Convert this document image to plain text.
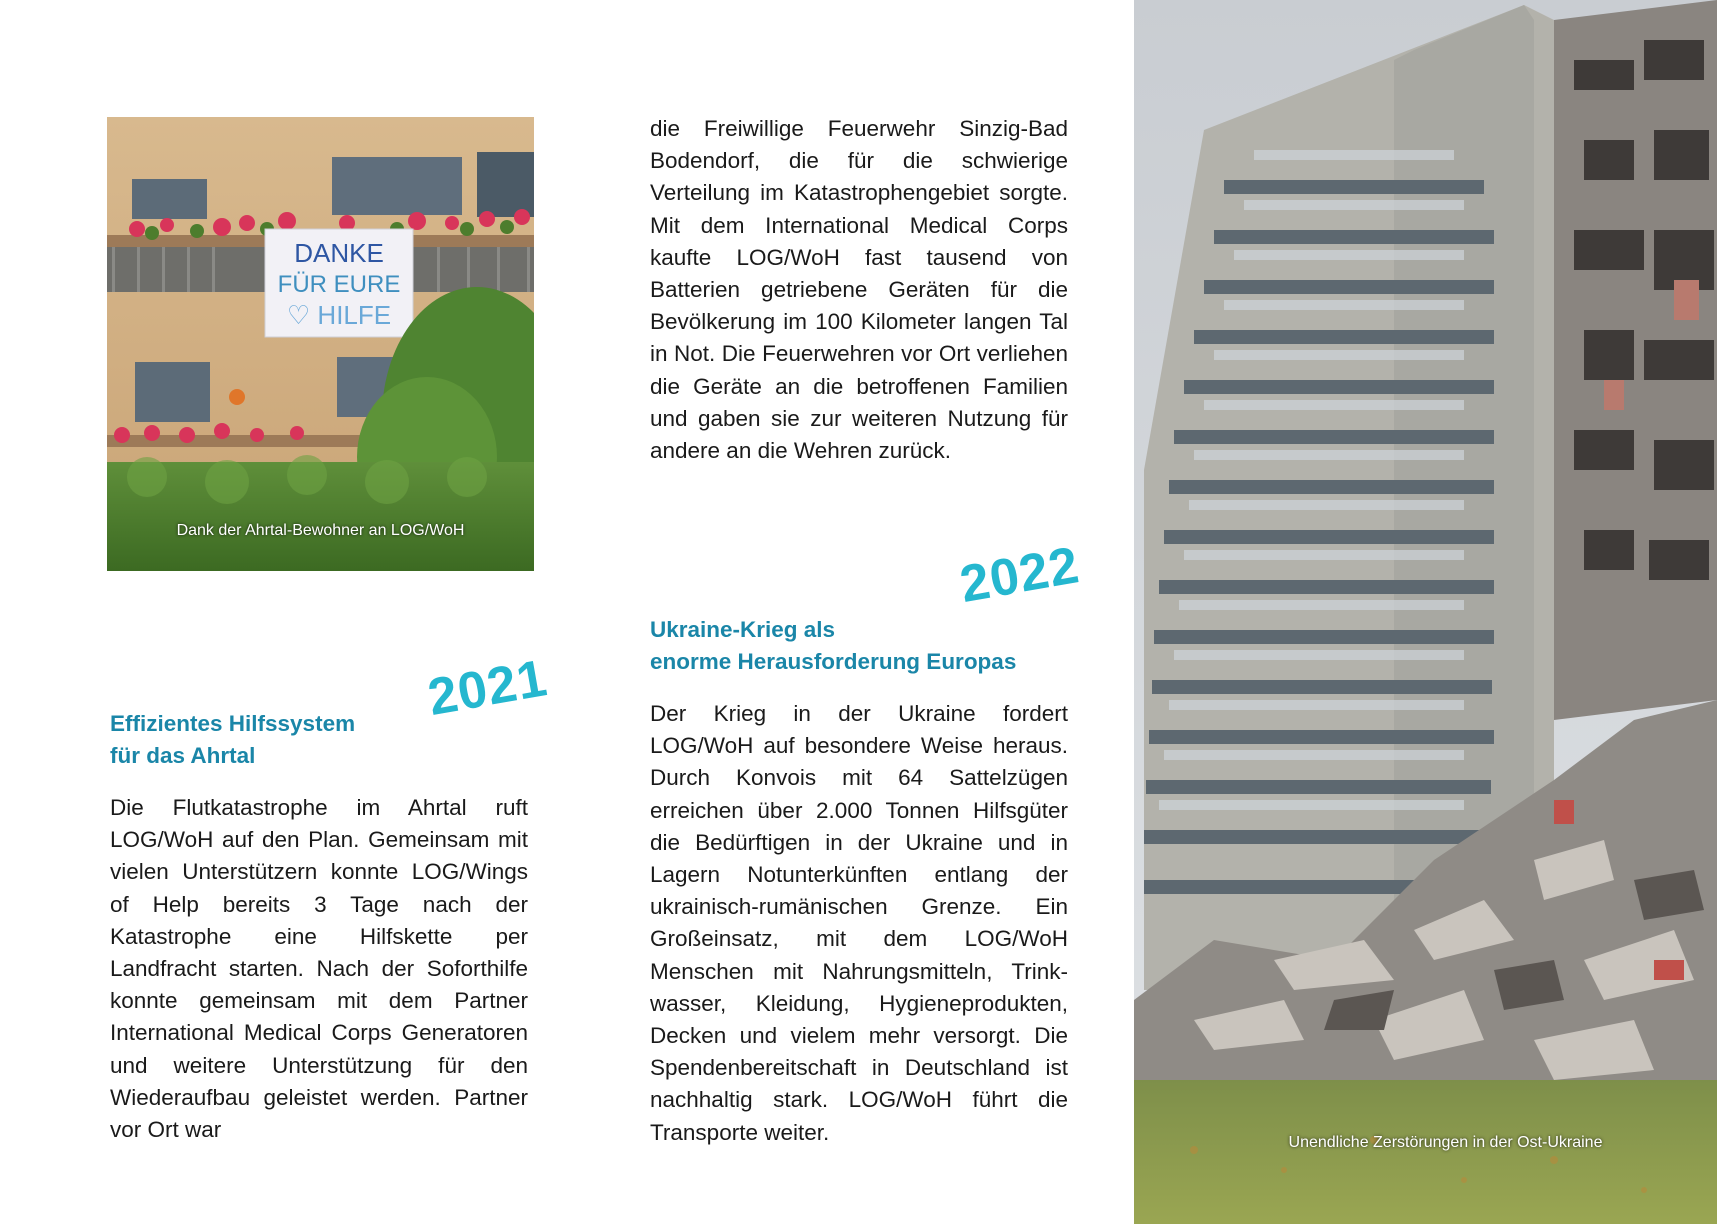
DANKE
FÜR EURE
♡ HILFE
Dank der Ahrtal-Bewohner an LOG/WoH
2021
Effizientes Hilfssystem
für das Ahrtal
Die Flutkatastrophe im Ahrtal ruft LOG/WoH auf den Plan. Gemeinsam mit vielen Unterstützern konnte LOG/Wings of Help bereits 3 Tage nach der Katastrophe eine Hilfskette per Landfracht starten. Nach der Soforthilfe konnte gemeinsam mit dem Partner International Medical Corps Generatoren und weitere Unterstützung für den Wiederaufbau geleistet werden. Partner vor Ort war
die Freiwillige Feuerwehr Sinzig-Bad Bodendorf, die für die schwierige Verteilung im Katastrophengebiet sorgte. Mit dem International Medical Corps kaufte LOG/WoH fast tausend von Batterien getriebene Geräten für die Bevölkerung im 100 Kilometer langen Tal in Not. Die Feuerwehren vor Ort verliehen die Geräte an die betroffenen Familien und gaben sie zur weiteren Nutzung für andere an die Wehren zurück.
2022
Ukraine-Krieg als
enorme Herausforderung Europas
Der Krieg in der Ukraine fordert LOG/WoH auf besondere Weise heraus. Durch Konvois mit 64 Sattelzügen erreichen über 2.000 Tonnen Hilfsgüter die Bedürftigen in der Ukraine und in Lagern Notunterkünften entlang der ukrainisch-rumänischen Grenze. Ein Großeinsatz, mit dem LOG/WoH Menschen mit Nahrungsmitteln, Trinkwasser, Kleidung, Hygieneprodukten, Decken und vielem mehr versorgt. Die Spendenbereitschaft in Deutschland ist nachhaltig stark. LOG/WoH führt die Transporte weiter.	Unendliche Zerstörungen in der Ost-Ukraine
